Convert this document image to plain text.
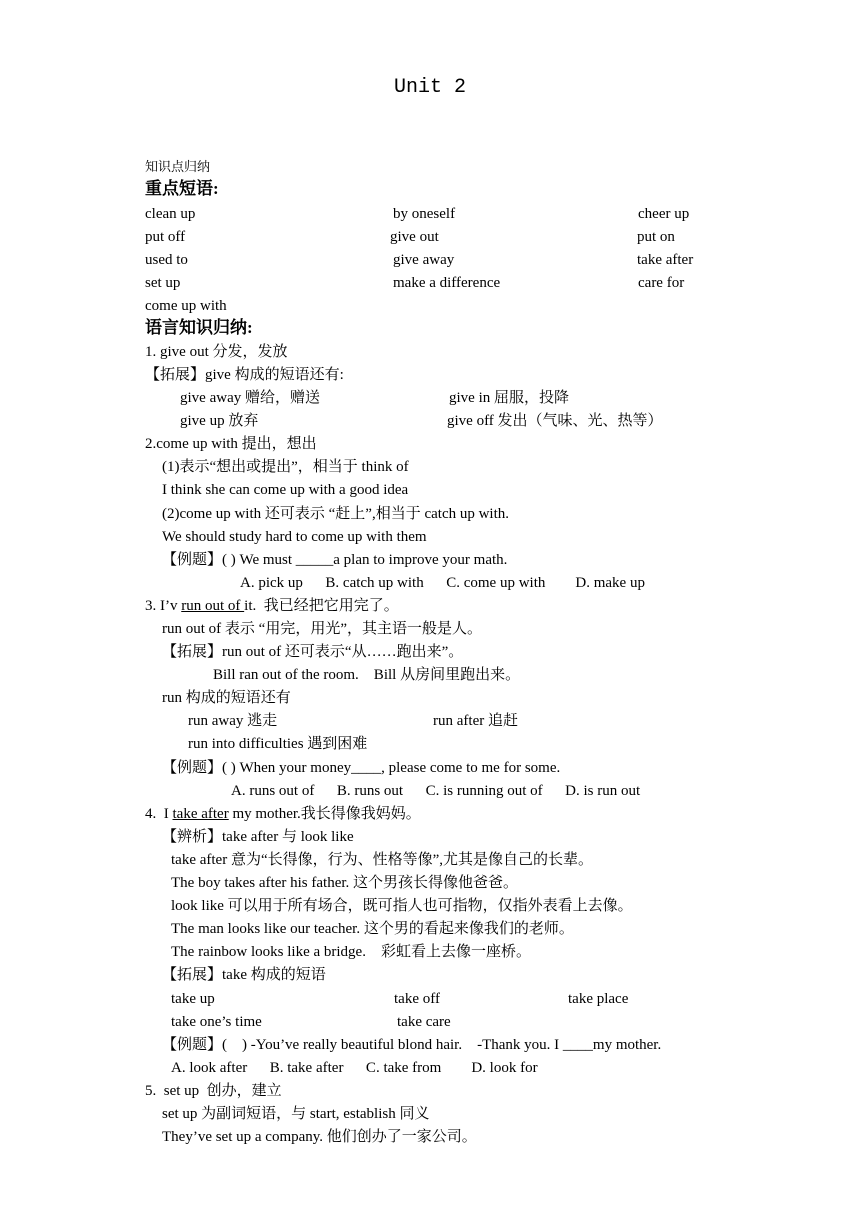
Unit 2
知识点归纳
重点短语:
clean up	by oneself	cheer up
put off	give out	put on
used to	give away	take after
set up	make a difference	care for
come up with
语言知识归纳:
1. give out 分发，发放
【拓展】give 构成的短语还有:
give away 赠给，赠送	give in 屈服，投降
give up 放弃	give off 发出（气味、光、热等）
2.come up with 提出，想出
(1)表示“想出或提出”，相当于 think of
I think she can come up with a good idea
(2)come up with 还可表示 “赶上”,相当于 catch up with.
We should study hard to come up with them
【例题】( ) We must _____a plan to improve your math.
A. pick up      B. catch up with      C. come up with        D. make up
3. I’v run out of it.  我已经把它用完了。
run out of 表示 “用完，用光”，其主语一般是人。
【拓展】run out of 还可表示“从……跑出来”。
Bill ran out of the room.    Bill 从房间里跑出来。
run 构成的短语还有
run away 逃走	run after 追赶
run into difficulties 遇到困难
【例题】( ) When your money____, please come to me for some.
A. runs out of      B. runs out      C. is running out of      D. is run out
4.  I take after my mother.我长得像我妈妈。
【辨析】take after 与 look like
take after 意为“长得像，行为、性格等像”,尤其是像自己的长辈。
The boy takes after his father. 这个男孩长得像他爸爸。
look like 可以用于所有场合，既可指人也可指物，仅指外表看上去像。
The man looks like our teacher. 这个男的看起来像我们的老师。
The rainbow looks like a bridge.    彩虹看上去像一座桥。
【拓展】take 构成的短语
take up	take off	take place
take one’s time	take care
【例题】(    ) -You’ve really beautiful blond hair.    -Thank you. I ____my mother.
A. look after      B. take after      C. take from        D. look for
5.  set up  创办，建立
set up 为副词短语，与 start, establish 同义
They’ve set up a company. 他们创办了一家公司。
